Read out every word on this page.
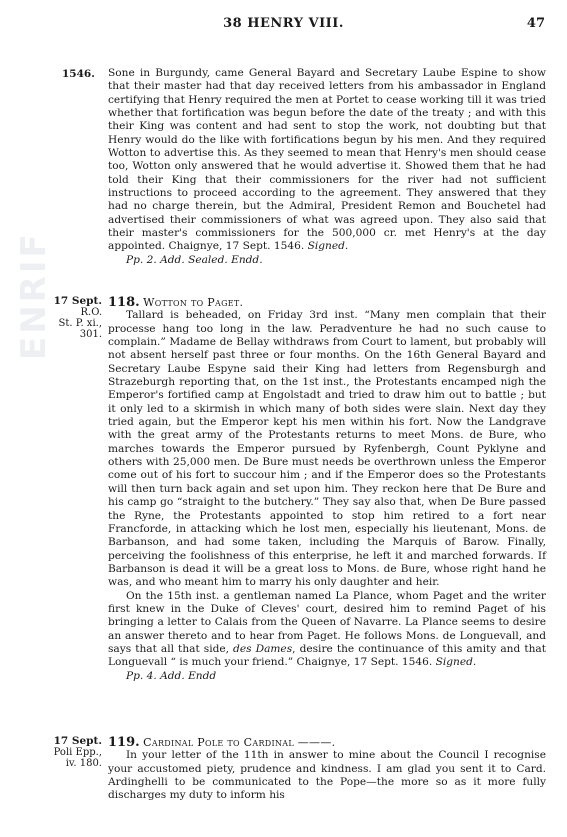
38 HENRY VIII.	47
1546.
ENRIF

Sone in Burgundy, came General Bayard and Secretary Laube Espine to show that their master had that day received letters from his ambassador in England certifying that Henry required the men at Portet to cease working till it was tried whether that fortification was begun before the date of the treaty ; and with this their King was content and had sent to stop the work, not doubting but that Henry would do the like with fortifications begun by his men. And they required Wotton to advertise this. As they seemed to mean that Henry's men should cease too, Wotton only answered that he would advertise it. Showed them that he had told their King that their commissioners for the river had not sufficient instructions to proceed according to the agreement. They answered that they had no charge therein, but the Admiral, President Remon and Bouchetel had advertised their commissioners of what was agreed upon. They also said that their master's commissioners for the 500,000 cr. met Henry's at the day appointed. Chaignye, 17 Sept. 1546. Signed.

Pp. 2. Add. Sealed. Endd.

17 Sept.
R.O.
St. P. xi.,
301.

118. Wotton to Paget.

Tallard is beheaded, on Friday 3rd inst. “Many men complain that their processe hang too long in the law. Peradventure he had no such cause to complain.” Madame de Bellay withdraws from Court to lament, but probably will not absent herself past three or four months. On the 16th General Bayard and Secretary Laube Espyne said their King had letters from Regensburgh and Strazeburgh reporting that, on the 1st inst., the Protestants encamped nigh the Emperor's fortified camp at Engolstadt and tried to draw him out to battle ; but it only led to a skirmish in which many of both sides were slain. Next day they tried again, but the Emperor kept his men within his fort. Now the Landgrave with the great army of the Protestants returns to meet Mons. de Bure, who marches towards the Emperor pursued by Ryfenbergh, Count Pyklyne and others with 25,000 men. De Bure must needs be overthrown unless the Emperor come out of his fort to succour him ; and if the Emperor does so the Protestants will then turn back again and set upon him. They reckon here that De Bure and his camp go “straight to the butchery.” They say also that, when De Bure passed the Ryne, the Protestants appointed to stop him retired to a fort near Francforde, in attacking which he lost men, especially his lieutenant, Mons. de Barbanson, and had some taken, including the Marquis of Barow. Finally, perceiving the foolishness of this enterprise, he left it and marched forwards. If Barbanson is dead it will be a great loss to Mons. de Bure, whose right hand he was, and who meant him to marry his only daughter and heir.

On the 15th inst. a gentleman named La Plance, whom Paget and the writer first knew in the Duke of Cleves' court, desired him to remind Paget of his bringing a letter to Calais from the Queen of Navarre. La Plance seems to desire an answer thereto and to hear from Paget. He follows Mons. de Longuevall, and says that all that side, des Dames, desire the continuance of this amity and that Longuevall “ is much your friend.” Chaignye, 17 Sept. 1546. Signed.

Pp. 4. Add. Endd

17 Sept.
Poli Epp.,
iv. 180.

119. Cardinal Pole to Cardinal ———.

In your letter of the 11th in answer to mine about the Council I recognise your accustomed piety, prudence and kindness. I am glad you sent it to Card. Ardinghelli to be communicated to the Pope—the more so as it more fully discharges my duty to inform his
